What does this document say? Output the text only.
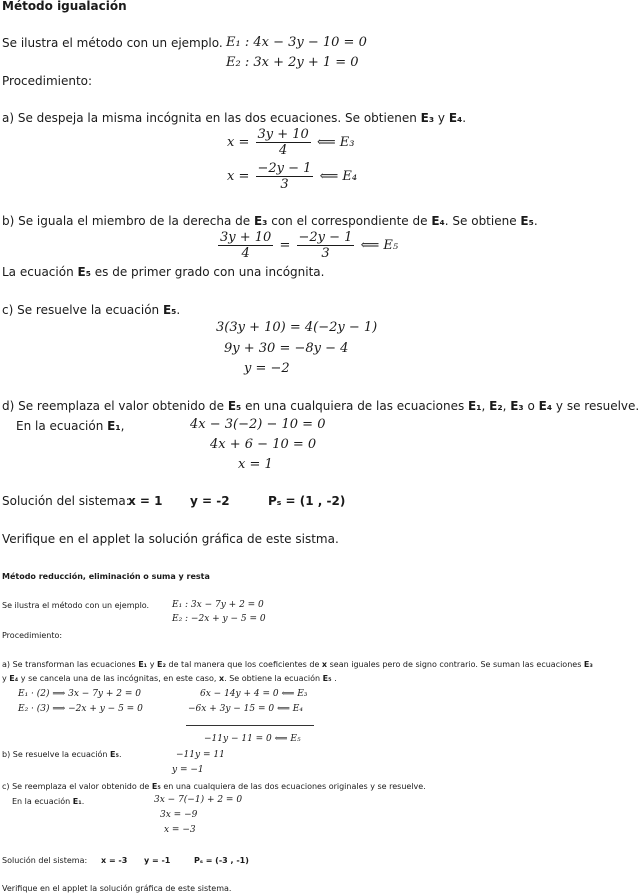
Método igualación
Se ilustra el método con un ejemplo. E₁ : 4x − 3y − 10 = 0
E₂ : 3x + 2y + 1 = 0
Procedimiento:
a) Se despeja la misma incógnita en las dos ecuaciones. Se obtienen E₃ y E₄.
$x = \frac{3y + 10}{4}$ ⟸ E₃
$x = \frac{-2y - 1}{3}$ ⟸ E₄
b) Se iguala el miembro de la derecha de E₃ con el correspondiente de E₄. Se obtiene E₅.
$\frac{3y + 10}{4} = \frac{-2y - 1}{3}$ ⟸ E₅
La ecuación E₅ es de primer grado con una incógnita.
c) Se resuelve la ecuación E₅.
3(3y + 10) = 4(−2y − 1)
9y + 30 = −8y − 4
y = −2
d) Se reemplaza el valor obtenido de E₅ en una cualquiera de las ecuaciones E₁, E₂, E₃ o E₄ y se resuelve.
En la ecuación E₁,	4x − 3(−2) − 10 = 0
4x + 6 − 10 = 0
x = 1
Solución del sistema:
x = 1 y = -2	Pₛ = (1 , -2)
Verifique en el applet la solución gráfica de este sistma.
Método reducción, eliminación o suma y resta
Se ilustra el método con un ejemplo.	E₁ : 3x − 7y + 2 = 0
E₂ : −2x + y − 5 = 0
Procedimiento:
a) Se transforman las ecuaciones E₁ y E₂ de tal manera que los coeficientes de x sean iguales pero de signo contrario. Se suman las ecuaciones E₃
y E₄ y se cancela una de las incógnitas, en este caso, x. Se obtiene la ecuación E₅ .
E₁ · (2) ⟹ 3x − 7y + 2 = 0
E₂ · (3) ⟹ −2x + y − 5 = 0
6x − 14y + 4 = 0 ⟸ E₃
−6x + 3y − 15 = 0 ⟸ E₄
−11y − 11 = 0 ⟸ E₅
b) Se resuelve la ecuación E₅.	−11y = 11
y = −1
c) Se reemplaza el valor obtenido de E₅ en una cualquiera de las dos ecuaciones originales y se resuelve.
En la ecuación E₁.	3x − 7(−1) + 2 = 0
3x = −9
x = −3
Solución del sistema: x = -3 y = -1	Pₛ = (-3 , -1)
Verifique en el applet la solución gráfica de este sistema.
